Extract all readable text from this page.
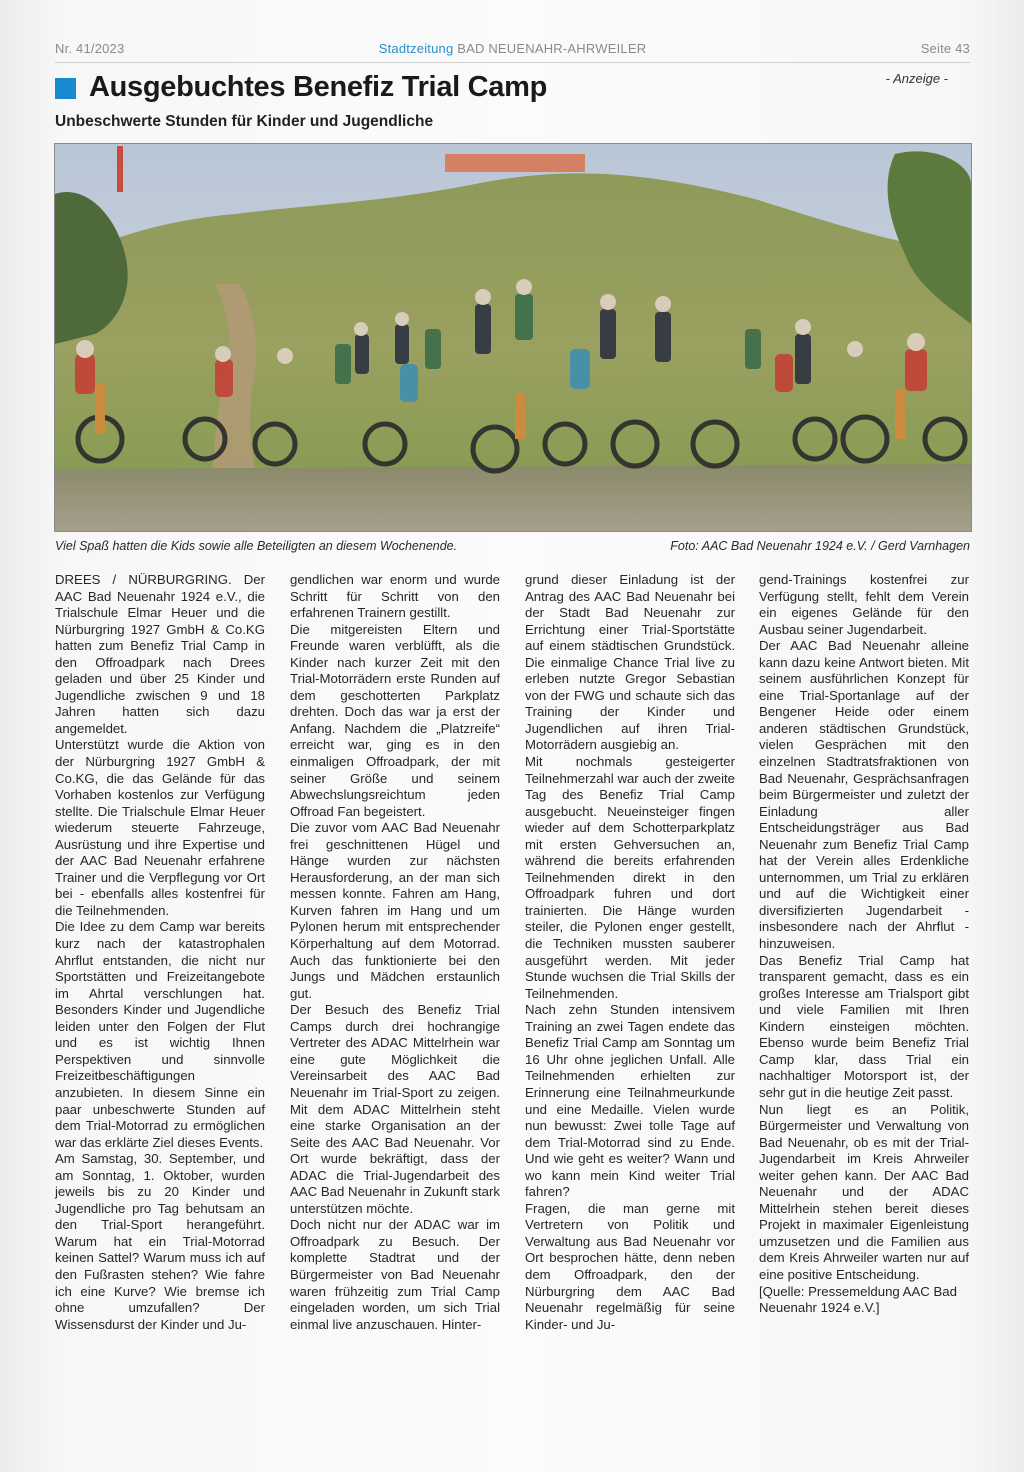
Nr. 41/2023	Stadtzeitung BAD NEUENAHR-AHRWEILER	Seite 43
Ausgebuchtes Benefiz Trial Camp	- Anzeige -
Unbeschwerte Stunden für Kinder und Jugendliche
Viel Spaß hatten die Kids sowie alle Beteiligten an diesem Wochenende.	Foto: AAC Bad Neuenahr 1924 e.V. / Gerd Varnhagen

DREES / NÜRBURGRING. Der AAC Bad Neuenahr 1924 e.V., die Trialschule Elmar Heuer und die Nürburgring 1927 GmbH & Co.KG hatten zum Benefiz Trial Camp in den Offroadpark nach Drees geladen und über 25 Kinder und Jugendliche zwischen 9 und 18 Jahren hatten sich dazu angemeldet.

Unterstützt wurde die Aktion von der Nürburgring 1927 GmbH & Co.KG, die das Gelände für das Vorhaben kostenlos zur Verfügung stellte. Die Trialschule Elmar Heuer wiederum steuerte Fahrzeuge, Ausrüstung und ihre Expertise und der AAC Bad Neuenahr erfahrene Trainer und die Verpflegung vor Ort bei - ebenfalls alles kostenfrei für die Teilnehmenden.

Die Idee zu dem Camp war bereits kurz nach der katastrophalen Ahrflut entstanden, die nicht nur Sportstätten und Freizeitangebote im Ahrtal verschlungen hat. Besonders Kinder und Jugendliche leiden unter den Folgen der Flut und es ist wichtig Ihnen Perspektiven und sinnvolle Freizeitbeschäftigungen anzubieten. In diesem Sinne ein paar unbeschwerte Stunden auf dem Trial-Motorrad zu ermöglichen war das erklärte Ziel dieses Events.

Am Samstag, 30. September, und am Sonntag, 1. Oktober, wurden jeweils bis zu 20 Kinder und Jugendliche pro Tag behutsam an den Trial-Sport herangeführt. Warum hat ein Trial-Motorrad keinen Sattel? Warum muss ich auf den Fußrasten stehen? Wie fahre ich eine Kurve? Wie bremse ich ohne umzufallen? Der Wissensdurst der Kinder und Ju-

gendlichen war enorm und wurde Schritt für Schritt von den erfahrenen Trainern gestillt.

Die mitgereisten Eltern und Freunde waren verblüfft, als die Kinder nach kurzer Zeit mit den Trial-Motorrädern erste Runden auf dem geschotterten Parkplatz drehten. Doch das war ja erst der Anfang. Nachdem die „Platzreife“ erreicht war, ging es in den einmaligen Offroadpark, der mit seiner Größe und seinem Abwechslungsreichtum jeden Offroad Fan begeistert.

Die zuvor vom AAC Bad Neuenahr frei geschnittenen Hügel und Hänge wurden zur nächsten Herausforderung, an der man sich messen konnte. Fahren am Hang, Kurven fahren im Hang und um Pylonen herum mit entsprechender Körperhaltung auf dem Motorrad. Auch das funktionierte bei den Jungs und Mädchen erstaunlich gut.

Der Besuch des Benefiz Trial Camps durch drei hochrangige Vertreter des ADAC Mittelrhein war eine gute Möglichkeit die Vereinsarbeit des AAC Bad Neuenahr im Trial-Sport zu zeigen. Mit dem ADAC Mittelrhein steht eine starke Organisation an der Seite des AAC Bad Neuenahr. Vor Ort wurde bekräftigt, dass der ADAC die Trial-Jugendarbeit des AAC Bad Neuenahr in Zukunft stark unterstützen möchte.

Doch nicht nur der ADAC war im Offroadpark zu Besuch. Der komplette Stadtrat und der Bürgermeister von Bad Neuenahr waren frühzeitig zum Trial Camp eingeladen worden, um sich Trial einmal live anzuschauen. Hinter-

grund dieser Einladung ist der Antrag des AAC Bad Neuenahr bei der Stadt Bad Neuenahr zur Errichtung einer Trial-Sportstätte auf einem städtischen Grundstück. Die einmalige Chance Trial live zu erleben nutzte Gregor Sebastian von der FWG und schaute sich das Training der Kinder und Jugendlichen auf ihren Trial-Motorrädern ausgiebig an.

Mit nochmals gesteigerter Teilnehmerzahl war auch der zweite Tag des Benefiz Trial Camp ausgebucht. Neueinsteiger fingen wieder auf dem Schotterparkplatz mit ersten Gehversuchen an, während die bereits erfahrenden Teilnehmenden direkt in den Offroadpark fuhren und dort trainierten. Die Hänge wurden steiler, die Pylonen enger gestellt, die Techniken mussten sauberer ausgeführt werden. Mit jeder Stunde wuchsen die Trial Skills der Teilnehmenden.

Nach zehn Stunden intensivem Training an zwei Tagen endete das Benefiz Trial Camp am Sonntag um 16 Uhr ohne jeglichen Unfall. Alle Teilnehmenden erhielten zur Erinnerung eine Teilnahmeurkunde und eine Medaille. Vielen wurde nun bewusst: Zwei tolle Tage auf dem Trial-Motorrad sind zu Ende. Und wie geht es weiter? Wann und wo kann mein Kind weiter Trial fahren?

Fragen, die man gerne mit Vertretern von Politik und Verwaltung aus Bad Neuenahr vor Ort besprochen hätte, denn neben dem Offroadpark, den der Nürburgring dem AAC Bad Neuenahr regelmäßig für seine Kinder- und Ju-

gend-Trainings kostenfrei zur Verfügung stellt, fehlt dem Verein ein eigenes Gelände für den Ausbau seiner Jugendarbeit.

Der AAC Bad Neuenahr alleine kann dazu keine Antwort bieten. Mit seinem ausführlichen Konzept für eine Trial-Sportanlage auf der Bengener Heide oder einem anderen städtischen Grundstück, vielen Gesprächen mit den einzelnen Stadtratsfraktionen von Bad Neuenahr, Gesprächsanfragen beim Bürgermeister und zuletzt der Einladung aller Entscheidungsträger aus Bad Neuenahr zum Benefiz Trial Camp hat der Verein alles Erdenkliche unternommen, um Trial zu erklären und auf die Wichtigkeit einer diversifizierten Jugendarbeit - insbesondere nach der Ahrflut - hinzuweisen.

Das Benefiz Trial Camp hat transparent gemacht, dass es ein großes Interesse am Trialsport gibt und viele Familien mit Ihren Kindern einsteigen möchten. Ebenso wurde beim Benefiz Trial Camp klar, dass Trial ein nachhaltiger Motorsport ist, der sehr gut in die heutige Zeit passt.

Nun liegt es an Politik, Bürgermeister und Verwaltung von Bad Neuenahr, ob es mit der Trial-Jugendarbeit im Kreis Ahrweiler weiter gehen kann. Der AAC Bad Neuenahr und der ADAC Mittelrhein stehen bereit dieses Projekt in maximaler Eigenleistung umzusetzen und die Familien aus dem Kreis Ahrweiler warten nur auf eine positive Entscheidung.

[Quelle: Pressemeldung AAC Bad Neuenahr 1924 e.V.]
